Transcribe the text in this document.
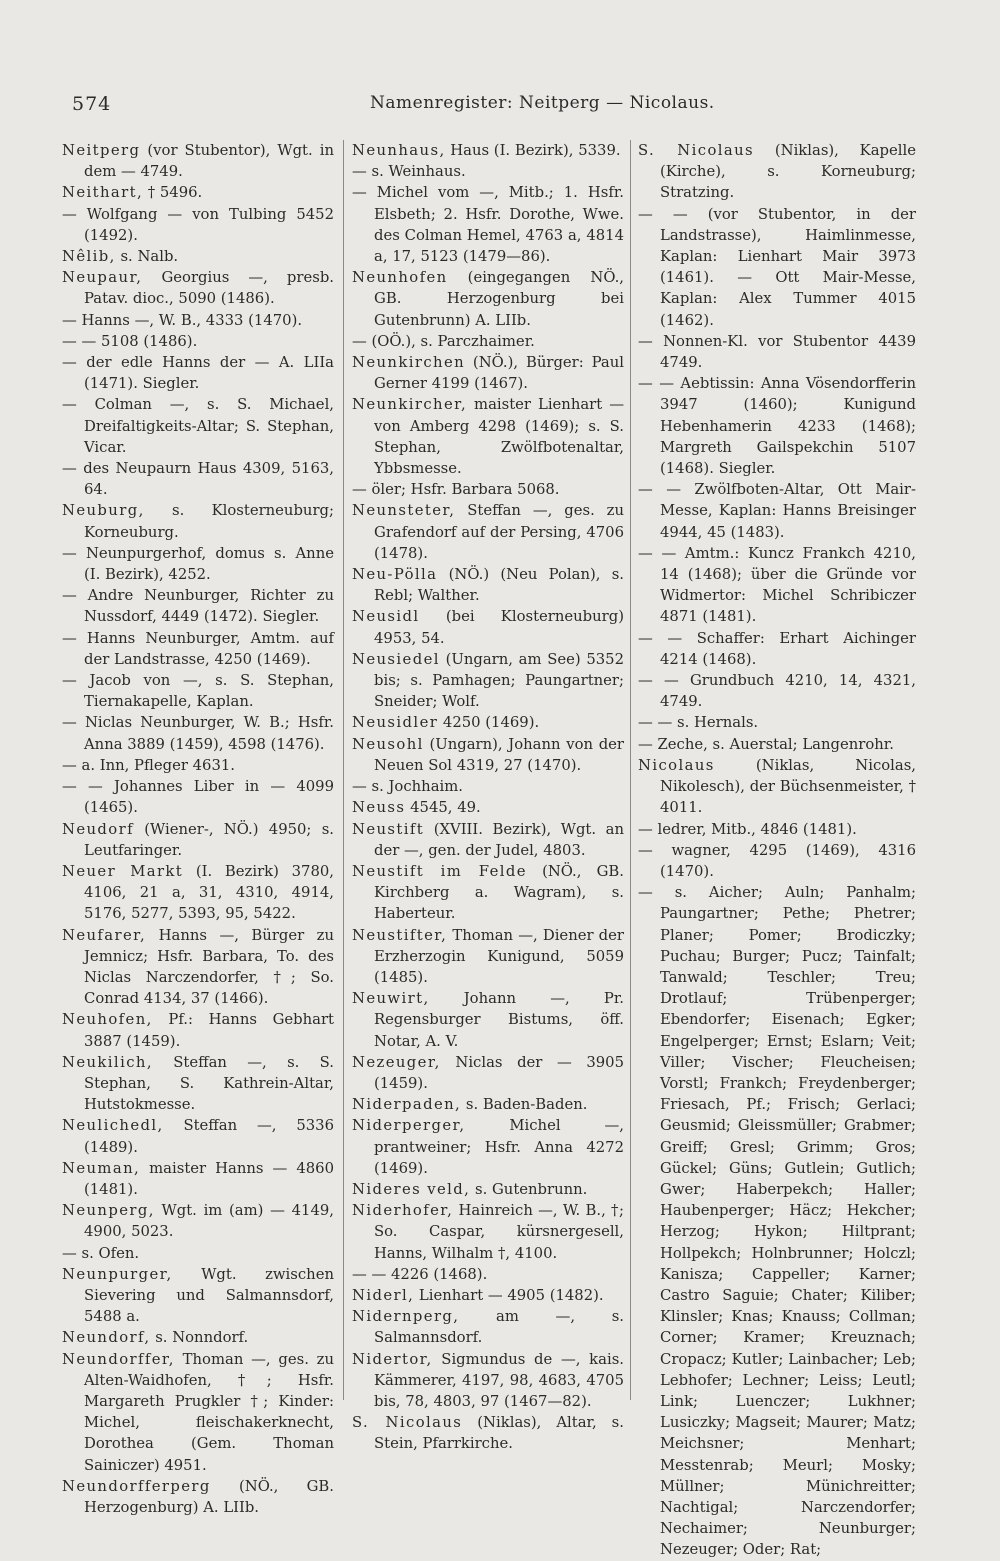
574	Namenregister: Neitperg — Nicolaus.

Neitperg (vor Stubentor), Wgt. in dem — 4749.

Neithart, † 5496.

— Wolfgang — von Tulbing 5452 (1492).

Nêlib, s. Nalb.

Neupaur, Georgius —, presb. Patav. dioc., 5090 (1486).

— Hanns —, W. B., 4333 (1470).

— — 5108 (1486).

— der edle Hanns der — A. LIIa (1471). Siegler.

— Colman —, s. S. Michael, Dreifaltigkeits-Altar; S. Stephan, Vicar.

— des Neupaurn Haus 4309, 5163, 64.

Neuburg, s. Klosterneuburg; Korneuburg.

— Neunpurgerhof, domus s. Anne (I. Bezirk), 4252.

— Andre Neunburger, Richter zu Nussdorf, 4449 (1472). Siegler.

— Hanns Neunburger, Amtm. auf der Landstrasse, 4250 (1469).

— Jacob von —, s. S. Stephan, Tiernakapelle, Kaplan.

— Niclas Neunburger, W. B.; Hsfr. Anna 3889 (1459), 4598 (1476).

— a. Inn, Pfleger 4631.

— — Johannes Liber in — 4099 (1465).

Neudorf (Wiener-, NÖ.) 4950; s. Leutfaringer.

Neuer Markt (I. Bezirk) 3780, 4106, 21 a, 31, 4310, 4914, 5176, 5277, 5393, 95, 5422.

Neufarer, Hanns —, Bürger zu Jemnicz; Hsfr. Barbara, To. des Niclas Narczendorfer, †; So. Conrad 4134, 37 (1466).

Neuhofen, Pf.: Hanns Gebhart 3887 (1459).

Neukilich, Steffan —, s. S. Stephan, S. Kathrein-Altar, Hutstokmesse.

Neulichedl, Steffan —, 5336 (1489).

Neuman, maister Hanns — 4860 (1481).

Neunperg, Wgt. im (am) — 4149, 4900, 5023.

— s. Ofen.

Neunpurger, Wgt. zwischen Sievering und Salmannsdorf, 5488 a.

Neundorf, s. Nonndorf.

Neundorffer, Thoman —, ges. zu Alten-Waidhofen, †; Hsfr. Margareth Prugkler †; Kinder: Michel, fleischakerknecht, Dorothea (Gem. Thoman Sainiczer) 4951.

Neundorfferperg (NÖ., GB. Herzogenburg) A. LIIb.

Neunhaus, Haus (I. Bezirk), 5339.

— s. Weinhaus.

— Michel vom —, Mitb.; 1. Hsfr. Elsbeth; 2. Hsfr. Dorothe, Wwe. des Colman Hemel, 4763 a, 4814 a, 17, 5123 (1479—86).

Neunhofen (eingegangen NÖ., GB. Herzogenburg bei Gutenbrunn) A. LIIb.

— (OÖ.), s. Parczhaimer.

Neunkirchen (NÖ.), Bürger: Paul Gerner 4199 (1467).

Neunkircher, maister Lienhart — von Amberg 4298 (1469); s. S. Stephan, Zwölfbotenaltar, Ybbsmesse.

— öler; Hsfr. Barbara 5068.

Neunsteter, Steffan —, ges. zu Grafendorf auf der Persing, 4706 (1478).

Neu-Pölla (NÖ.) (Neu Polan), s. Rebl; Walther.

Neusidl (bei Klosterneuburg) 4953, 54.

Neusiedel (Ungarn, am See) 5352 bis; s. Pamhagen; Paungartner; Sneider; Wolf.

Neusidler 4250 (1469).

Neusohl (Ungarn), Johann von der Neuen Sol 4319, 27 (1470).

— s. Jochhaim.

Neuss 4545, 49.

Neustift (XVIII. Bezirk), Wgt. an der —, gen. der Judel, 4803.

Neustift im Felde (NÖ., GB. Kirchberg a. Wagram), s. Haberteur.

Neustifter, Thoman —, Diener der Erzherzogin Kunigund, 5059 (1485).

Neuwirt, Johann —, Pr. Regensburger Bistums, öff. Notar, A. V.

Nezeuger, Niclas der — 3905 (1459).

Niderpaden, s. Baden-Baden.

Niderperger, Michel —, prantweiner; Hsfr. Anna 4272 (1469).

Nideres veld, s. Gutenbrunn.

Niderhofer, Hainreich —, W. B., †; So. Caspar, kürsnergesell, Hanns, Wilhalm †, 4100.

— — 4226 (1468).

Niderl, Lienhart — 4905 (1482).

Nidernperg, am —, s. Salmannsdorf.

Nidertor, Sigmundus de —, kais. Kämmerer, 4197, 98, 4683, 4705 bis, 78, 4803, 97 (1467—82).

S. Nicolaus (Niklas), Altar, s. Stein, Pfarrkirche.

S. Nicolaus (Niklas), Kapelle (Kirche), s. Korneuburg; Stratzing.

— — (vor Stubentor, in der Landstrasse), Haimlinmesse, Kaplan: Lienhart Mair 3973 (1461). — Ott Mair-Messe, Kaplan: Alex Tummer 4015 (1462).

— Nonnen-Kl. vor Stubentor 4439 4749.

— — Aebtissin: Anna Vösendorfferin 3947 (1460); Kunigund Hebenhamerin 4233 (1468); Margreth Gailspekchin 5107 (1468). Siegler.

— — Zwölfboten-Altar, Ott Mair-Messe, Kaplan: Hanns Breisinger 4944, 45 (1483).

— — Amtm.: Kuncz Frankch 4210, 14 (1468); über die Gründe vor Widmertor: Michel Schribiczer 4871 (1481).

— — Schaffer: Erhart Aichinger 4214 (1468).

— — Grundbuch 4210, 14, 4321, 4749.

— — s. Hernals.

— Zeche, s. Auerstal; Langenrohr.

Nicolaus (Niklas, Nicolas, Nikolesch), der Büchsenmeister, † 4011.

— ledrer, Mitb., 4846 (1481).

— wagner, 4295 (1469), 4316 (1470).

— s. Aicher; Auln; Panhalm; Paungartner; Pethe; Phetrer; Planer; Pomer; Brodiczky; Puchau; Burger; Pucz; Tainfalt; Tanwald; Teschler; Treu; Drotlauf; Trübenperger; Ebendorfer; Eisenach; Egker; Engelperger; Ernst; Eslarn; Veit; Viller; Vischer; Fleucheisen; Vorstl; Frankch; Freydenberger; Friesach, Pf.; Frisch; Gerlaci; Geusmid; Gleissmüller; Grabmer; Greiff; Gresl; Grimm; Gros; Gückel; Güns; Gutlein; Gutlich; Gwer; Haberpekch; Haller; Haubenperger; Häcz; Hekcher; Herzog; Hykon; Hiltprant; Hollpekch; Holnbrunner; Holczl; Kanisza; Cappeller; Karner; Castro Saguie; Chater; Kiliber; Klinsler; Knas; Knauss; Collman; Corner; Kramer; Kreuznach; Cropacz; Kutler; Lainbacher; Leb; Lebhofer; Lechner; Leiss; Leutl; Link; Luenczer; Lukhner; Lusiczky; Magseit; Maurer; Matz; Meichsner; Menhart; Messtenrab; Meurl; Mosky; Müllner; Münichreitter; Nachtigal; Narczendorfer; Nechaimer; Neunburger; Nezeuger; Oder; Rat;
